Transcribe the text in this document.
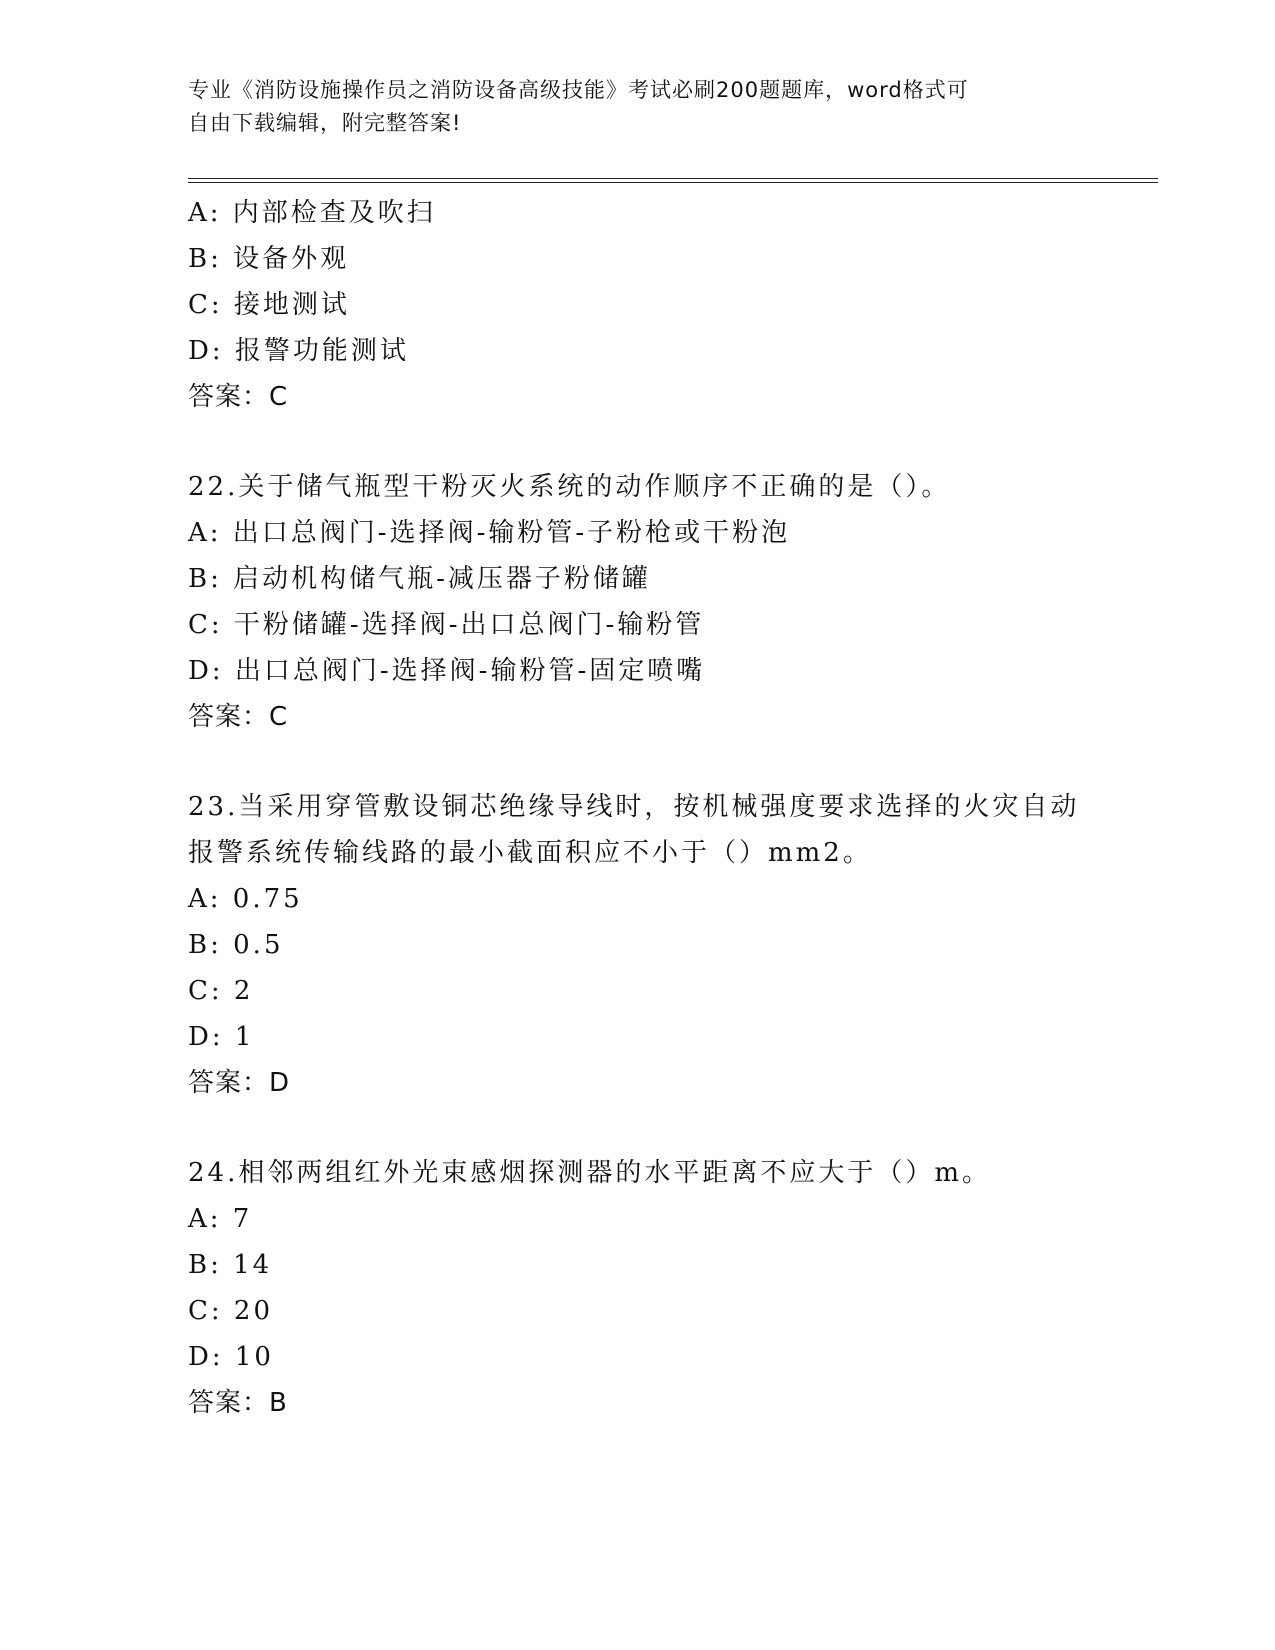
专业《消防设施操作员之消防设备高级技能》考试必刷200题题库，word格式可
自由下载编辑，附完整答案!
A: 内部检查及吹扫
B: 设备外观
C: 接地测试
D: 报警功能测试
答案：C
22.关于储气瓶型干粉灭火系统的动作顺序不正确的是（）。
A: 出口总阀门-选择阀-输粉管-子粉枪或干粉泡
B: 启动机构储气瓶-减压器子粉储罐
C: 干粉储罐-选择阀-出口总阀门-输粉管
D: 出口总阀门-选择阀-输粉管-固定喷嘴
答案：C
23.当采用穿管敷设铜芯绝缘导线时，按机械强度要求选择的火灾自动
报警系统传输线路的最小截面积应不小于（）mm2。
A: 0.75
B: 0.5
C: 2
D: 1
答案：D
24.相邻两组红外光束感烟探测器的水平距离不应大于（）m。
A: 7
B: 14
C: 20
D: 10
答案：B
